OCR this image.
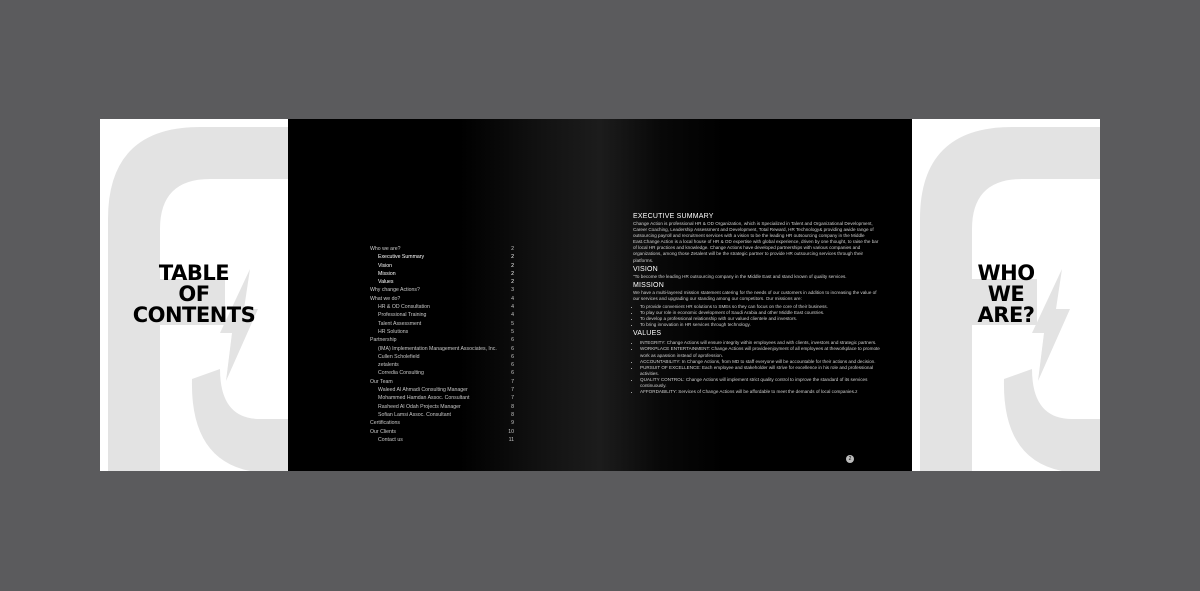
TABLE
OF
CONTENTS
Who we are?	2
Executive Summary	2
Vision	2
Mission	2
Values	2
Why change Actions?	3
What we do?	4
HR & OD Consultation	4
Professional Training	4
Talent Assessment	5
HR Solutions	5
Partnership	6
(IMA) Implementation Management Associates, Inc.	6
Cullen Scholefield	6
zetalents	6
Corredia Consulting	6
Our Team	7
Waleed Al Ahmadi Consulting Manager	7
Mohammed Hamdan Assoc. Consultant	7
Rasheed Al Odah Projects Manager	8
Sofian Lamsi Assoc. Consultant	8
Certifications	9
Our Clients	10
Contact us	11
EXECUTIVE SUMMARY

Change Action is professional HR & OD Organization, which is Specialized in Talent and Organizational Development, Career Coaching, Leadership Assessment and Development, Total Reward, HR Technology& providing awide range of outsourcing payroll and recruitment services with a vision to be the leading HR outsourcing company in the Middle East.Change Action is a local house of HR & OD expertise with global experience, driven by one thought, to raise the bar of local HR practices and knowledge. Change Actions have developed partnerships with various companies and organizations, among those Zetalent will be the strategic partner to provide HR outsourcing services through their platforms.

VISION

"To become the leading HR outsourcing company in the Middle East and stand known of quality services.

MISSION

We have a multi-layered mission statement catering for the needs of our customers in addition to increasing the value of our services and upgrading our standing among our competitors. Our missions are:

• To provide convenient HR solutions to SMEs so they can focus on the core of their business.
• To play our role in economic development of Saudi Arabia and other Middle East countries.
• To develop a professional relationship with our valued clientele and investors.
• To bring innovation in HR services through technology.
VALUES
• INTEGRITY: Change Actions will ensure integrity within employees and with clients, investors and strategic partners.
• WORKPLACE ENTERTAINMENT: Change Actions will provideenjoyment of all employees at theworkplace to promote work as apassion instead of aprofession.
• ACCOUNTABILITY: In Change Actions, from MD to staff everyone will be accountable for their actions and decision.
• PURSUIT OF EXCELLENCE: Each employee and stakeholder will strive for excellence in his role and professional activities.
• QUALITY CONTROL: Change Actions will implement strict quality control to improve the standard of its services continuously.
• AFFORDABILITY: Services of Change Actions will be affordable to meet the demands of local companies.z
2
WHO
WE
ARE?
